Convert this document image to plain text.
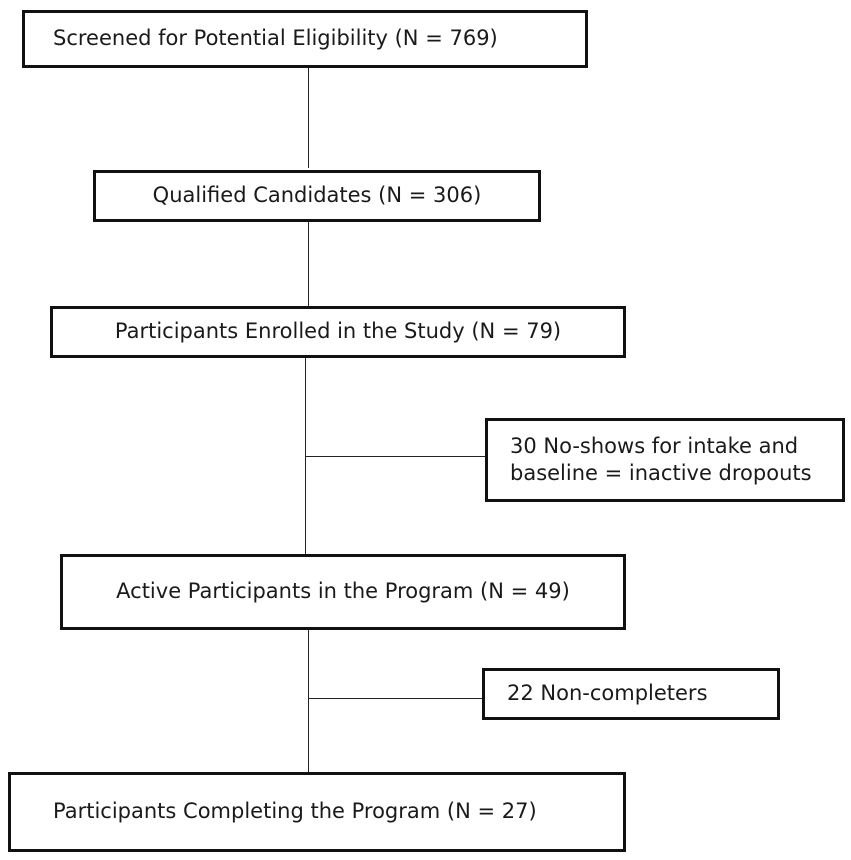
Screened for Potential Eligibility (N = 769)
Qualified Candidates (N = 306)
Participants Enrolled in the Study (N = 79)
30 No-shows for intake and
baseline = inactive dropouts
Active Participants in the Program (N = 49)
22 Non-completers
Participants Completing the Program (N = 27)
